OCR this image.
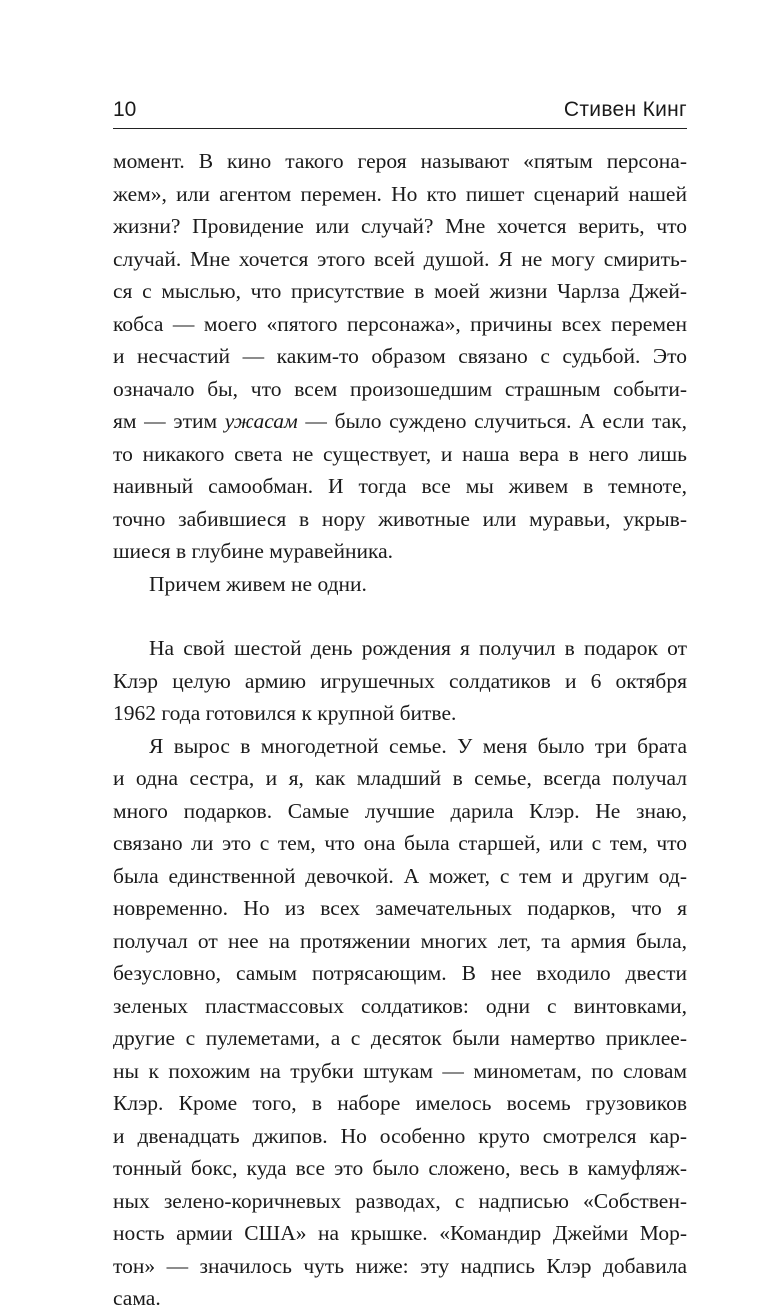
10	Стивен Кинг
момент. В кино такого героя называют «пятым персона-
жем», или агентом перемен. Но кто пишет сценарий нашей
жизни? Провидение или случай? Мне хочется верить, что
случай. Мне хочется этого всей душой. Я не могу смирить-
ся с мыслью, что присутствие в моей жизни Чарлза Джей-
кобса — моего «пятого персонажа», причины всех перемен
и несчастий — каким-то образом связано с судьбой. Это
означало бы, что всем произошедшим страшным событи-
ям — этим ужасам — было суждено случиться. А если так,
то никакого света не существует, и наша вера в него лишь
наивный самообман. И тогда все мы живем в темноте,
точно забившиеся в нору животные или муравьи, укрыв-
шиеся в глубине муравейника.
Причем живем не одни.
На свой шестой день рождения я получил в подарок от
Клэр целую армию игрушечных солдатиков и 6 октября
1962 года готовился к крупной битве.
Я вырос в многодетной семье. У меня было три брата
и одна сестра, и я, как младший в семье, всегда получал
много подарков. Самые лучшие дарила Клэр. Не знаю,
связано ли это с тем, что она была старшей, или с тем, что
была единственной девочкой. А может, с тем и другим од-
новременно. Но из всех замечательных подарков, что я
получал от нее на протяжении многих лет, та армия была,
безусловно, самым потрясающим. В нее входило двести
зеленых пластмассовых солдатиков: одни с винтовками,
другие с пулеметами, а с десяток были намертво приклее-
ны к похожим на трубки штукам — минометам, по словам
Клэр. Кроме того, в наборе имелось восемь грузовиков
и двенадцать джипов. Но особенно круто смотрелся кар-
тонный бокс, куда все это было сложено, весь в камуфляж-
ных зелено-коричневых разводах, с надписью «Собствен-
ность армии США» на крышке. «Командир Джейми Мор-
тон» — значилось чуть ниже: эту надпись Клэр добавила
сама.
